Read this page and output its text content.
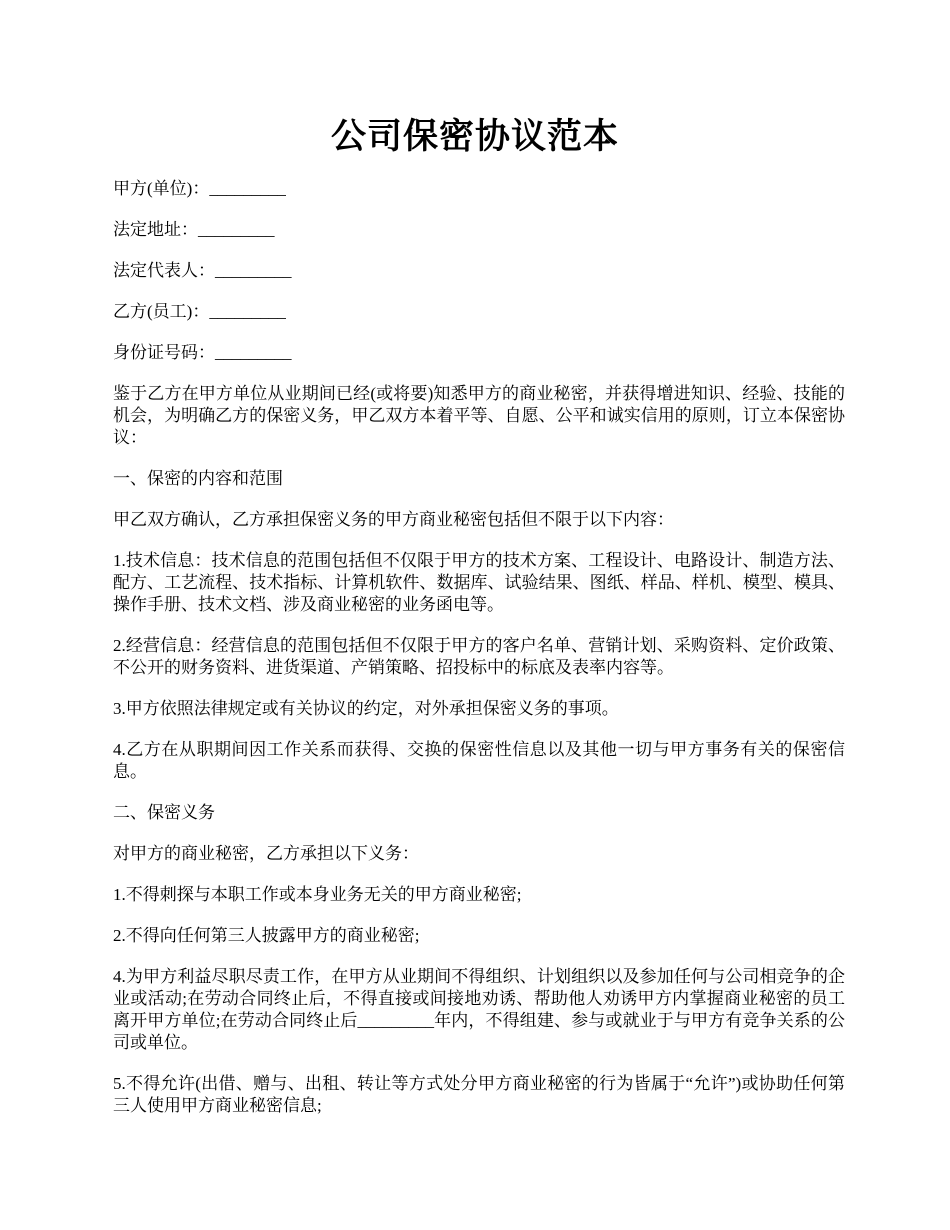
公司保密协议范本

甲方(单位)：_________

法定地址：_________

法定代表人：_________

乙方(员工)：_________

身份证号码：_________

鉴于乙方在甲方单位从业期间已经(或将要)知悉甲方的商业秘密，并获得增进知识、经验、技能的机会，为明确乙方的保密义务，甲乙双方本着平等、自愿、公平和诚实信用的原则，订立本保密协议：

一、保密的内容和范围

甲乙双方确认，乙方承担保密义务的甲方商业秘密包括但不限于以下内容：

1.技术信息：技术信息的范围包括但不仅限于甲方的技术方案、工程设计、电路设计、制造方法、配方、工艺流程、技术指标、计算机软件、数据库、试验结果、图纸、样品、样机、模型、模具、操作手册、技术文档、涉及商业秘密的业务函电等。

2.经营信息：经营信息的范围包括但不仅限于甲方的客户名单、营销计划、采购资料、定价政策、不公开的财务资料、进货渠道、产销策略、招投标中的标底及表率内容等。

3.甲方依照法律规定或有关协议的约定，对外承担保密义务的事项。

4.乙方在从职期间因工作关系而获得、交换的保密性信息以及其他一切与甲方事务有关的保密信息。

二、保密义务

对甲方的商业秘密，乙方承担以下义务：

1.不得刺探与本职工作或本身业务无关的甲方商业秘密;

2.不得向任何第三人披露甲方的商业秘密;

4.为甲方利益尽职尽责工作，在甲方从业期间不得组织、计划组织以及参加任何与公司相竞争的企业或活动;在劳动合同终止后，不得直接或间接地劝诱、帮助他人劝诱甲方内掌握商业秘密的员工离开甲方单位;在劳动合同终止后_________年内，不得组建、参与或就业于与甲方有竞争关系的公司或单位。

5.不得允许(出借、赠与、出租、转让等方式处分甲方商业秘密的行为皆属于“允许”)或协助任何第三人使用甲方商业秘密信息;
